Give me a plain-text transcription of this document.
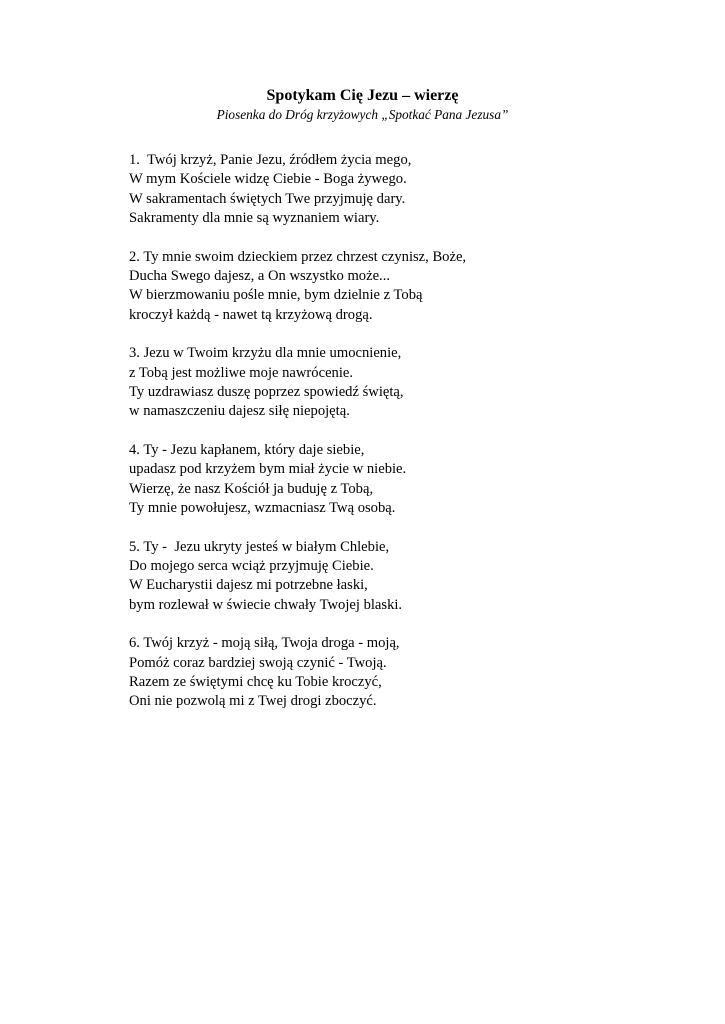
Spotykam Cię Jezu – wierzę

Piosenka do Dróg krzyżowych „Spotkać Pana Jezusa”

1.  Twój krzyż, Panie Jezu, źródłem życia mego,
W mym Kościele widzę Ciebie - Boga żywego.
W sakramentach świętych Twe przyjmuję dary.
Sakramenty dla mnie są wyznaniem wiary.
2. Ty mnie swoim dzieckiem przez chrzest czynisz, Boże,
Ducha Swego dajesz, a On wszystko może...
W bierzmowaniu pośle mnie, bym dzielnie z Tobą
kroczył każdą - nawet tą krzyżową drogą.
3. Jezu w Twoim krzyżu dla mnie umocnienie,
z Tobą jest możliwe moje nawrócenie.
Ty uzdrawiasz duszę poprzez spowiedź świętą,
w namaszczeniu dajesz siłę niepojętą.
4. Ty - Jezu kapłanem, który daje siebie,
upadasz pod krzyżem bym miał życie w niebie.
Wierzę, że nasz Kościół ja buduję z Tobą,
Ty mnie powołujesz, wzmacniasz Twą osobą.
5. Ty -  Jezu ukryty jesteś w białym Chlebie,
Do mojego serca wciąż przyjmuję Ciebie.
W Eucharystii dajesz mi potrzebne łaski,
bym rozlewał w świecie chwały Twojej blaski.
6. Twój krzyż - moją siłą, Twoja droga - moją,
Pomóż coraz bardziej swoją czynić - Twoją.
Razem ze świętymi chcę ku Tobie kroczyć,
Oni nie pozwolą mi z Twej drogi zboczyć.
